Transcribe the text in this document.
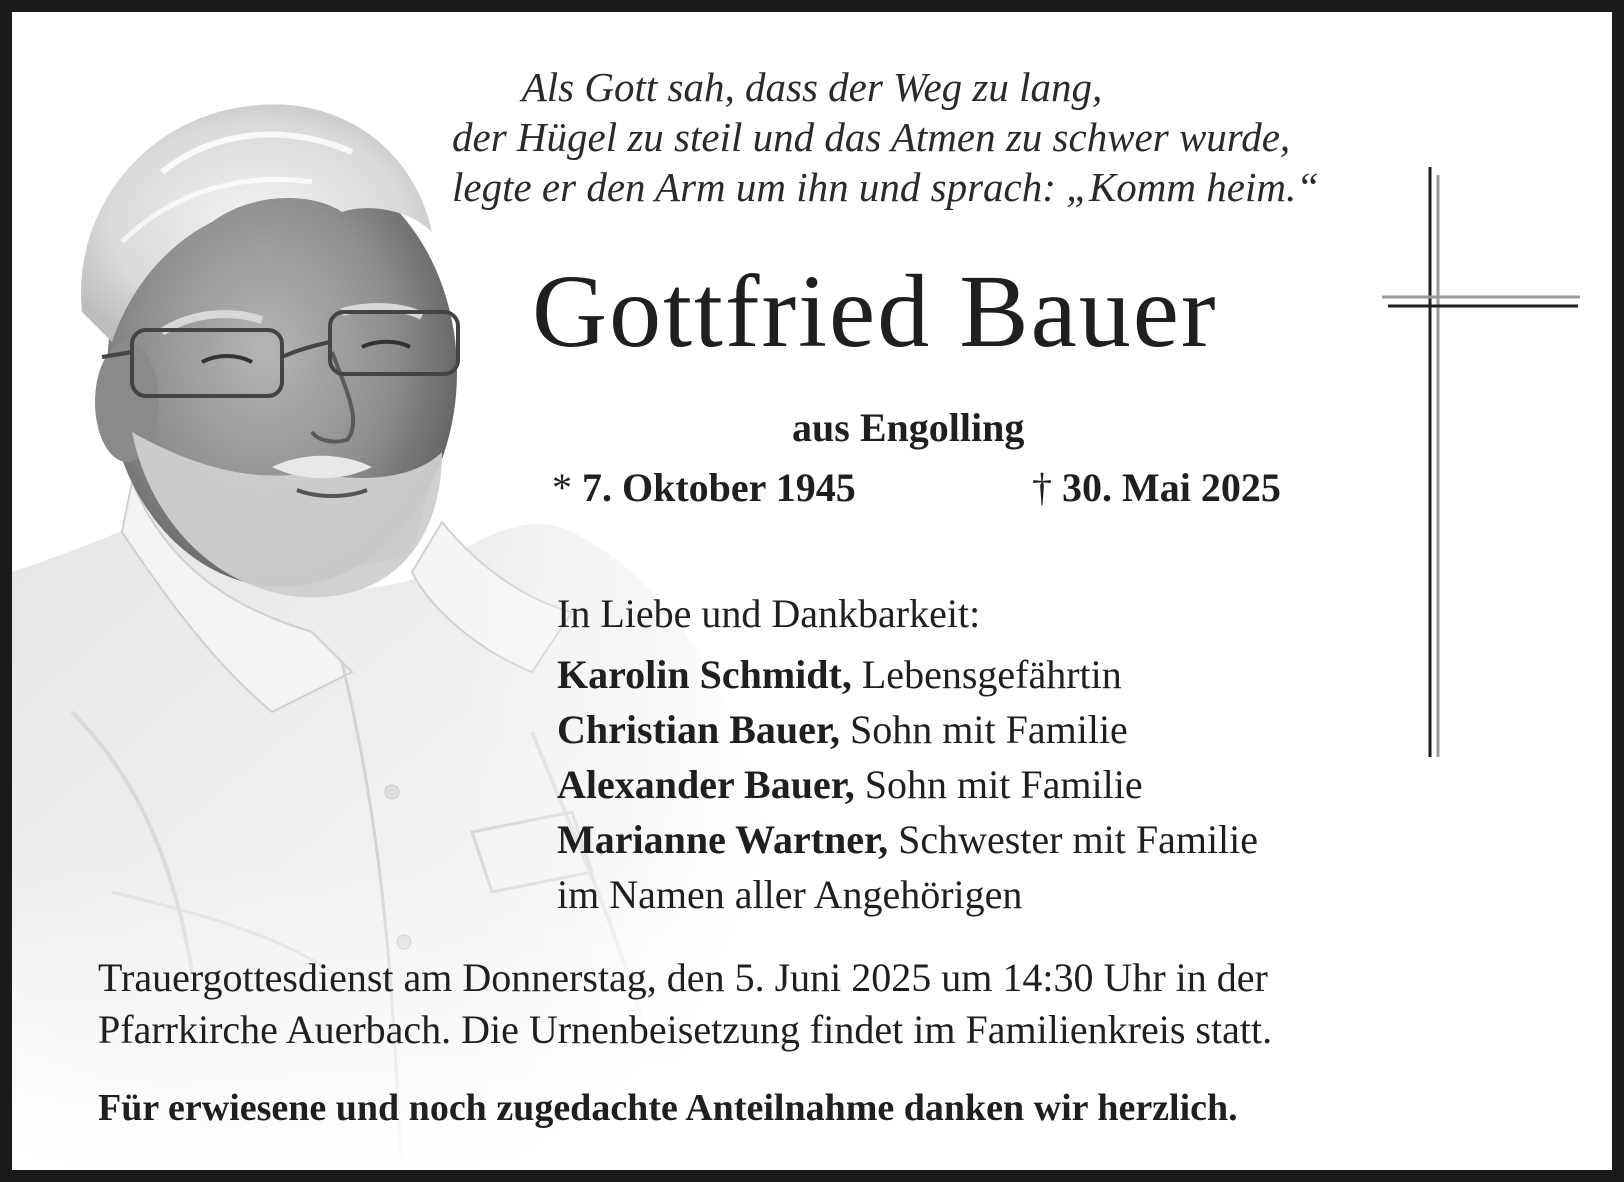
Als Gott sah, dass der Weg zu lang,
der Hügel zu steil und das Atmen zu schwer wurde,
legte er den Arm um ihn und sprach: „Komm heim.“
Gottfried Bauer
aus Engolling
* 7. Oktober 1945	† 30. Mai 2025
In Liebe und Dankbarkeit:
Karolin Schmidt, Lebensgefährtin
Christian Bauer, Sohn mit Familie
Alexander Bauer, Sohn mit Familie
Marianne Wartner, Schwester mit Familie
im Namen aller Angehörigen
Trauergottesdienst am Donnerstag, den 5. Juni 2025 um 14:30 Uhr in der
Pfarrkirche Auerbach. Die Urnenbeisetzung findet im Familienkreis statt.
Für erwiesene und noch zugedachte Anteilnahme danken wir herzlich.
